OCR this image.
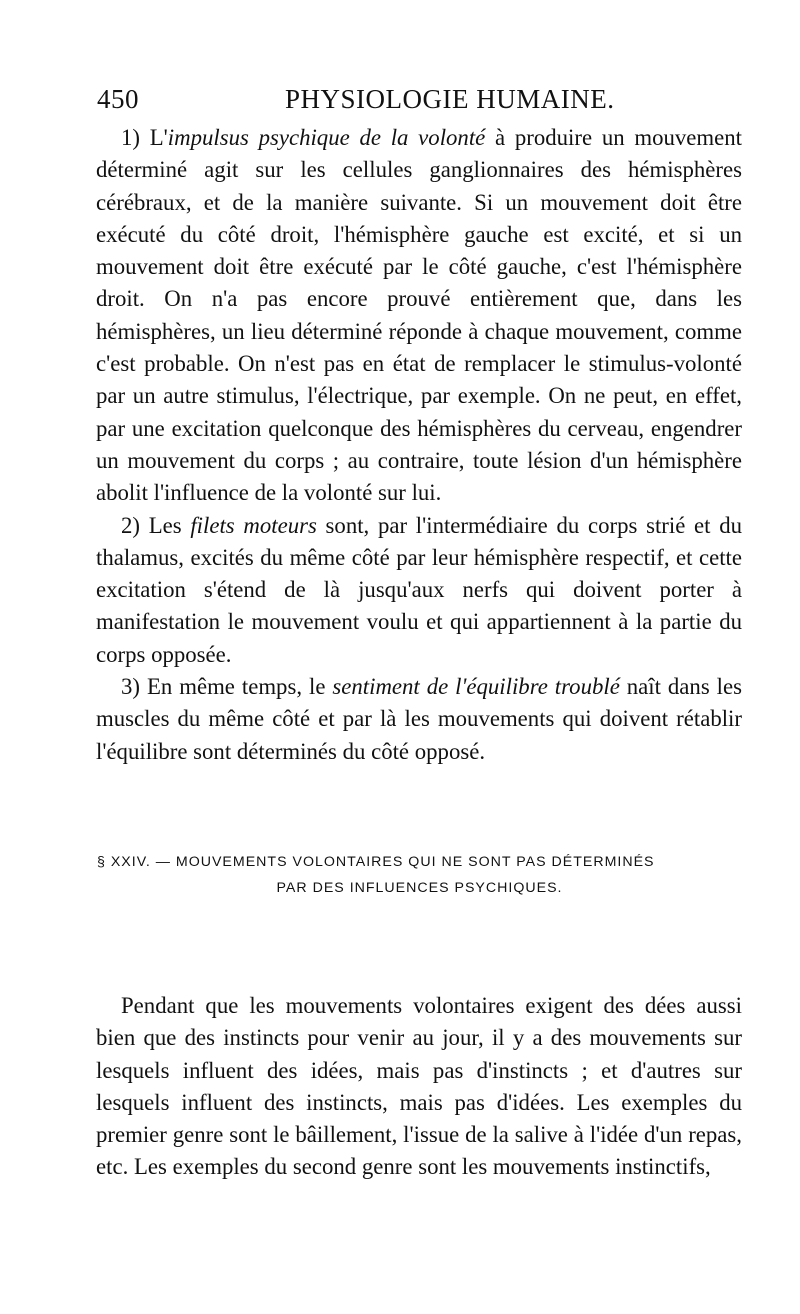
450	PHYSIOLOGIE HUMAINE.

1) L'impulsus psychique de la volonté à produire un mouvement déterminé agit sur les cellules ganglionnaires des hémisphères cérébraux, et de la manière suivante. Si un mouvement doit être exécuté du côté droit, l'hémisphère gauche est excité, et si un mouvement doit être exécuté par le côté gauche, c'est l'hémisphère droit. On n'a pas encore prouvé entièrement que, dans les hémisphères, un lieu déterminé réponde à chaque mouvement, comme c'est probable. On n'est pas en état de remplacer le stimulus-volonté par un autre stimulus, l'électrique, par exemple. On ne peut, en effet, par une excitation quelconque des hémisphères du cerveau, engendrer un mouvement du corps ; au contraire, toute lésion d'un hémisphère abolit l'influence de la volonté sur lui.

2) Les filets moteurs sont, par l'intermédiaire du corps strié et du thalamus, excités du même côté par leur hémisphère respectif, et cette excitation s'étend de là jusqu'aux nerfs qui doivent porter à manifestation le mouvement voulu et qui appartiennent à la partie du corps opposée.

3) En même temps, le sentiment de l'équilibre troublé naît dans les muscles du même côté et par là les mouvements qui doivent rétablir l'équilibre sont déterminés du côté opposé.

§ XXIV. — MOUVEMENTS VOLONTAIRES QUI NE SONT PAS DÉTERMINÉS
PAR DES INFLUENCES PSYCHIQUES.

Pendant que les mouvements volontaires exigent des dées aussi bien que des instincts pour venir au jour, il y a des mouvements sur lesquels influent des idées, mais pas d'instincts ; et d'autres sur lesquels influent des instincts, mais pas d'idées. Les exemples du premier genre sont le bâillement, l'issue de la salive à l'idée d'un repas, etc. Les exemples du second genre sont les mouvements instinctifs,
